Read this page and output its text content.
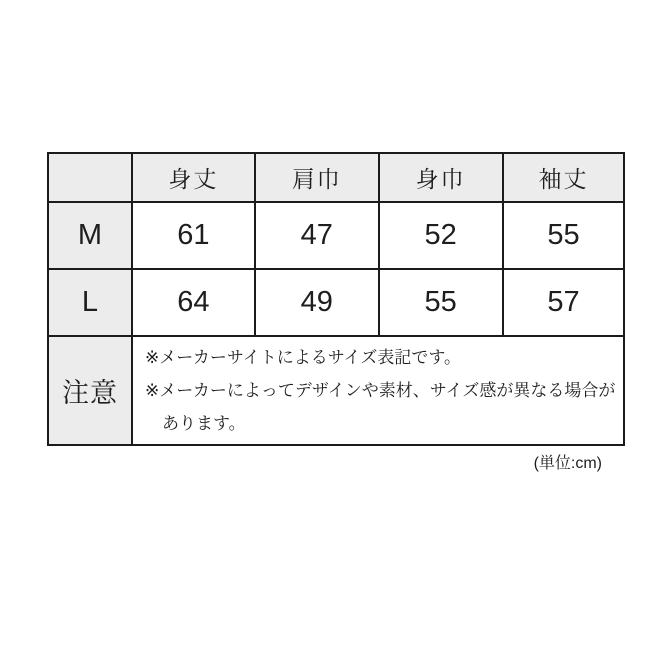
	身丈	肩巾	身巾	袖丈
M	61	47	52	55
L	64	49	55	57
注意	※メーカーサイトによるサイズ表記です。
※メーカーによってデザインや素材、サイズ感が異なる場合が
あります。			
(単位:cm)
